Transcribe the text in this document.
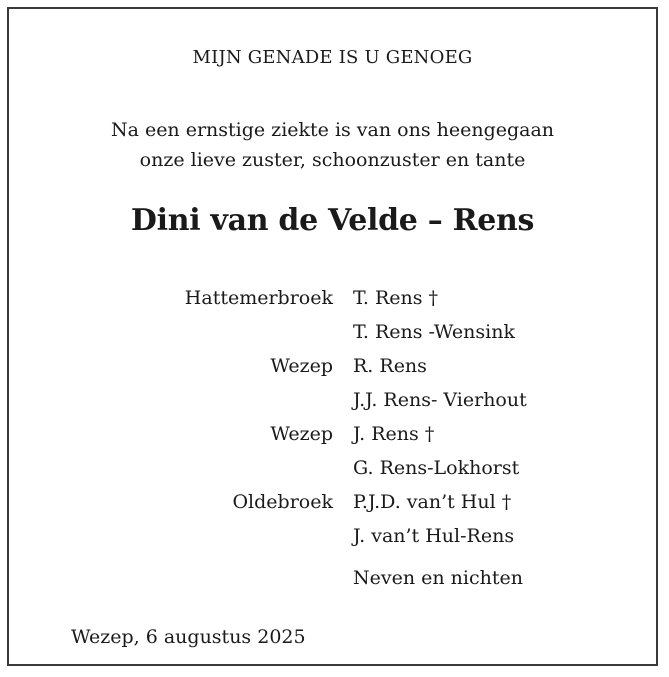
MIJN GENADE IS U GENOEG
Na een ernstige ziekte is van ons heengegaan
onze lieve zuster, schoonzuster en tante
Dini van de Velde – Rens
Hattemerbroek T. Rens †
T. Rens -Wensink
Wezep R. Rens
J.J. Rens- Vierhout
Wezep J. Rens †
G. Rens-Lokhorst
Oldebroek P.J.D. van’t Hul †
J. van’t Hul-Rens
Neven en nichten
Wezep, 6 augustus 2025
